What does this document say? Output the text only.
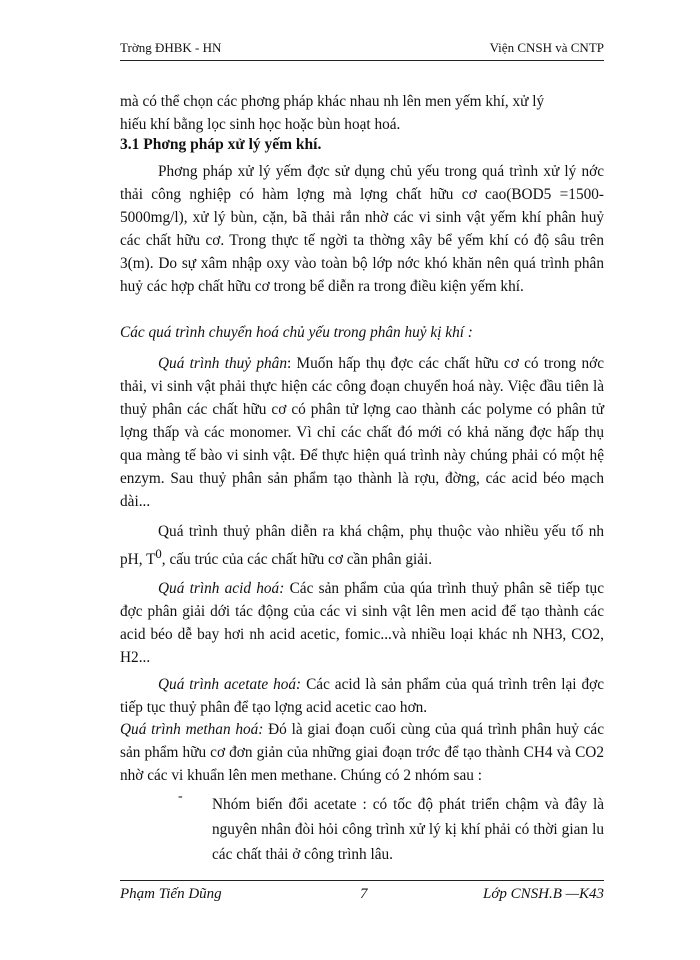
Trờng ĐHBK - HN	Viện CNSH và CNTP
mà có thể chọn các phơng pháp khác nhau nh lên men yếm khí, xử lý
hiếu khí bằng lọc sinh học hoặc bùn hoạt hoá.
3.1 Phơng pháp xử lý yếm khí.

Phơng pháp xử lý yếm đợc sử dụng chủ yếu trong quá trình xử lý nớc thải công nghiệp có hàm lợng mà lợng chất hữu cơ cao(BOD5 =1500-5000mg/l), xử lý bùn, cặn, bã thải rắn nhờ các vi sinh vật yếm khí phân huỷ các chất hữu cơ. Trong thực tế ngời ta thờng xây bể yếm khí có độ sâu trên 3(m). Do sự xâm nhập oxy vào toàn bộ lớp nớc khó khăn nên quá trình phân huỷ các hợp chất hữu cơ trong bể diễn ra trong điều kiện yếm khí.

Các quá trình chuyển hoá chủ yếu trong phân huỷ kị khí :

Quá trình thuỷ phân: Muốn hấp thụ đợc các chất hữu cơ có trong nớc thải, vi sinh vật phải thực hiện các công đoạn chuyển hoá này. Việc đầu tiên là thuỷ phân các chất hữu cơ có phân tử lợng cao thành các polyme có phân tử lợng thấp và các monomer. Vì chỉ các chất đó mới có khả năng đợc hấp thụ qua màng tế bào vi sinh vật. Để thực hiện quá trình này chúng phải có một hệ enzym. Sau thuỷ phân sản phẩm tạo thành là rợu, đờng, các acid béo mạch dài...

Quá trình thuỷ phân diễn ra khá chậm, phụ thuộc vào nhiều yếu tố nh pH, $T^0$, cấu trúc của các chất hữu cơ cần phân giải.

Quá trình acid hoá: Các sản phẩm của qúa trình thuỷ phân sẽ tiếp tục đợc phân giải dới tác động của các vi sinh vật lên men acid để tạo thành các acid béo dễ bay hơi nh acid acetic, fomic...và nhiều loại khác nh NH3, CO2, H2...

Quá trình acetate hoá: Các acid là sản phẩm của quá trình trên lại đợc tiếp tục thuỷ phân để tạo lợng acid acetic cao hơn.

Quá trình methan hoá: Đó là giai đoạn cuối cùng của quá trình phân huỷ các sản phẩm hữu cơ đơn giản của những giai đoạn trớc để tạo thành CH4 và CO2 nhờ các vi khuẩn lên men methane. Chúng có 2 nhóm sau :

- Nhóm biến đổi acetate : có tốc độ phát triển chậm và đây là nguyên nhân đòi hỏi công trình xử lý kị khí phải có thời gian lu các chất thải ở công trình lâu.
Phạm Tiến Dũng	7	Lớp CNSH.B —K43
